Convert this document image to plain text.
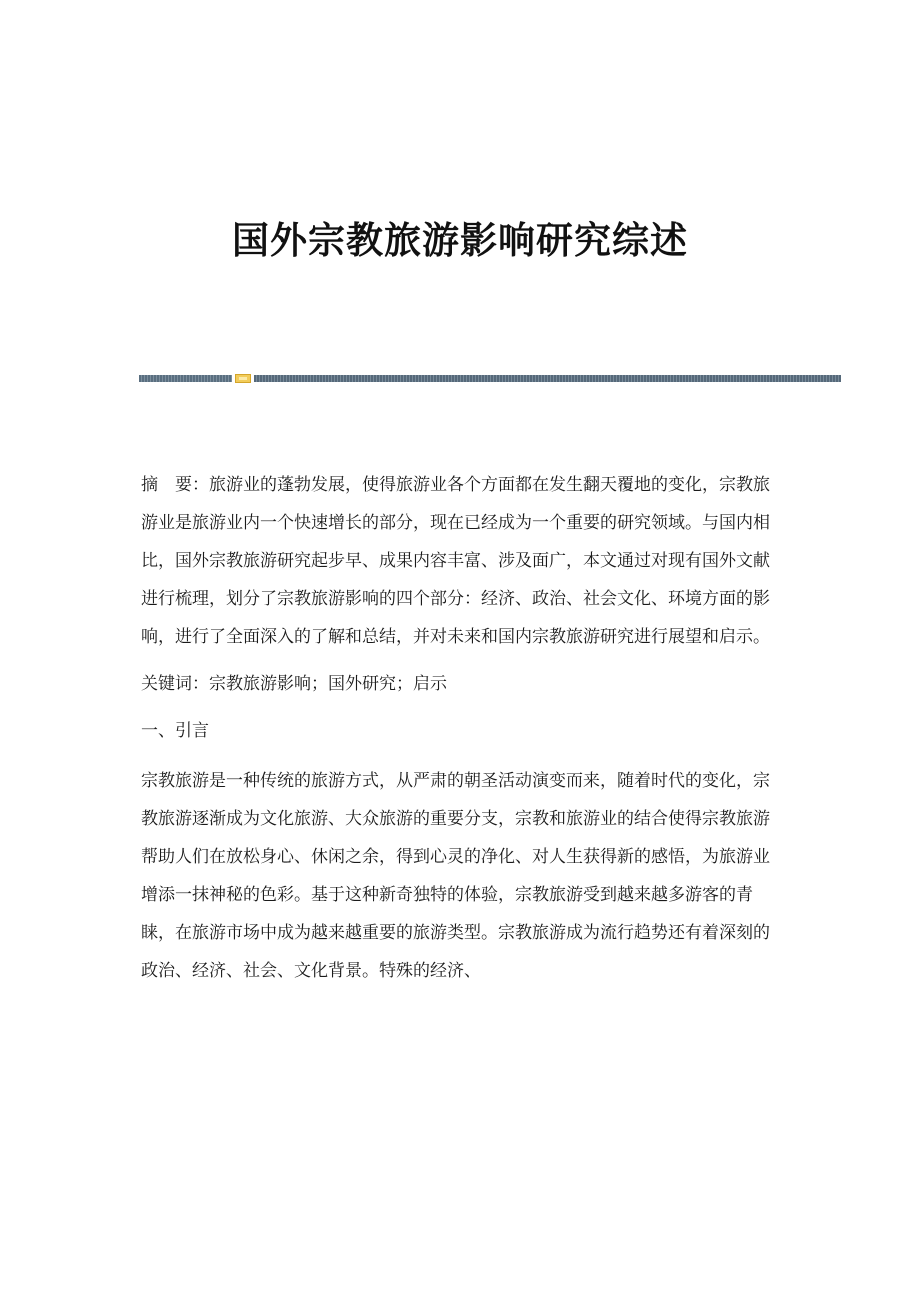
国外宗教旅游影响研究综述

摘　要：旅游业的蓬勃发展，使得旅游业各个方面都在发生翻天覆地的变化，宗教旅游业是旅游业内一个快速增长的部分，现在已经成为一个重要的研究领域。与国内相比，国外宗教旅游研究起步早、成果内容丰富、涉及面广，本文通过对现有国外文献进行梳理，划分了宗教旅游影响的四个部分：经济、政治、社会文化、环境方面的影响，进行了全面深入的了解和总结，并对未来和国内宗教旅游研究进行展望和启示。

关键词：宗教旅游影响；国外研究；启示

一、引言

宗教旅游是一种传统的旅游方式，从严肃的朝圣活动演变而来，随着时代的变化，宗教旅游逐渐成为文化旅游、大众旅游的重要分支，宗教和旅游业的结合使得宗教旅游帮助人们在放松身心、休闲之余，得到心灵的净化、对人生获得新的感悟，为旅游业增添一抹神秘的色彩。基于这种新奇独特的体验，宗教旅游受到越来越多游客的青睐，在旅游市场中成为越来越重要的旅游类型。宗教旅游成为流行趋势还有着深刻的政治、经济、社会、文化背景。特殊的经济、
